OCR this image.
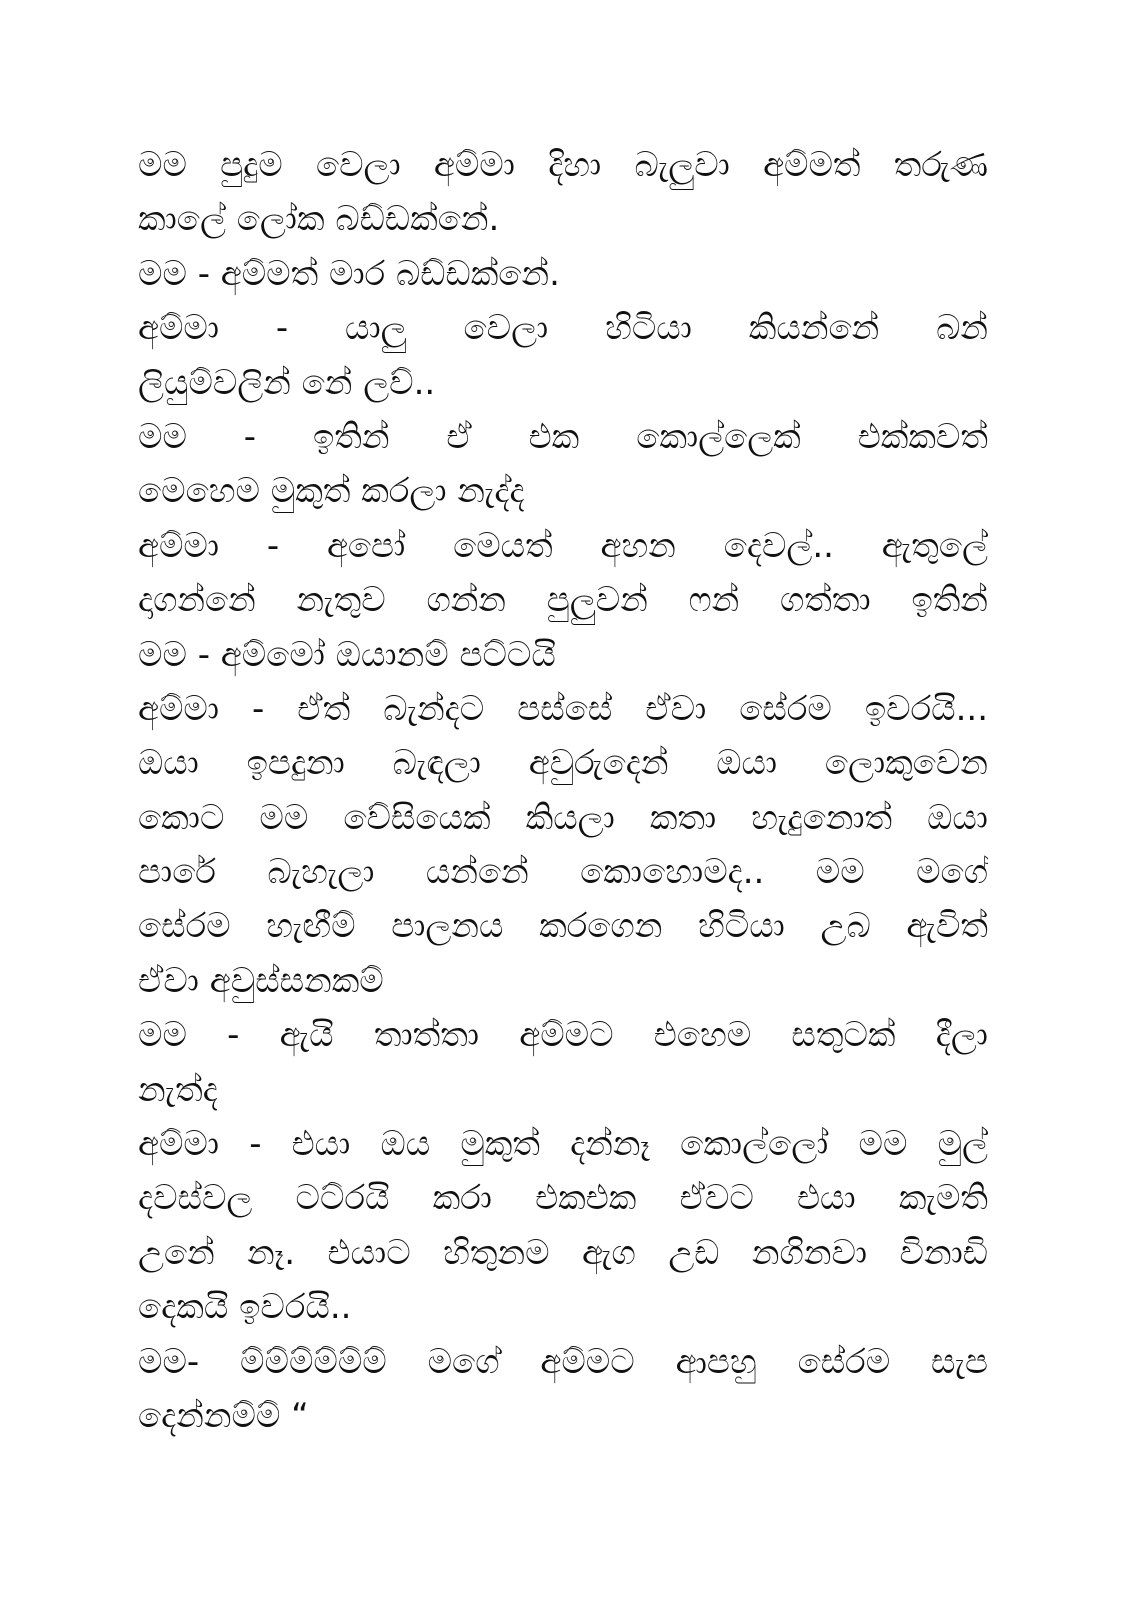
මම පුදුම වෙලා අම්මා දිහා බැලුවා අම්මත් තරුණ
කාලේ ලෝක බඩ්ඩක්නේ.
මම - අම්මත් මාර බඩ්ඩක්නේ.
අම්මා - යාලු වෙලා හිටියා කියන්නේ බන්
ලියුම්වලින් නේ ලව්..
මම - ඉතින් ඒ එක කොල්ලෙක් එක්කවත්
මෙහෙම මුකුත් කරලා නැද්ද
අම්මා - අපෝ මෙයත් අහන දෙවල්.. ඇතුලේ
දාගන්නේ නැතුව ගන්න පුලුවන් ෆන් ගත්තා ඉතින්
මම - අම්මෝ ඔයානම් පට්ටයි
අම්මා - ඒත් බැන්දට පස්සේ ඒවා සේරම ඉවරයි...
ඔයා ඉපදුනා බැඳලා අවුරුදෙන් ඔයා ලොකුවෙන
කොට මම වේසියෙක් කියලා කතා හැදුනොත් ඔයා
පාරේ බැහැලා යන්නේ කොහොමද.. මම මගේ
සේරම හැඟීම් පාලනය කරගෙන හිටියා උබ ඇවිත්
ඒවා අවුස්සනකම්
මම - ඇයි තාත්තා අම්මට එහෙම සතුටක් දීලා
නැත්ද
අම්මා - එයා ඔය මුකුත් දන්නෑ කොල්ලෝ මම මුල්
දවස්වල ටට්රයි කරා එකඑක ඒවට එයා කැමති
උනේ නෑ. එයාට හිතුනම ඇග උඩ නගිනවා විනාඩි
දෙකයි ඉවරයි..
මම- ම්ම්ම්ම්ම්ම් මගේ අම්මට ආපහු සේරම සැප
දෙන්නම්ම් “
